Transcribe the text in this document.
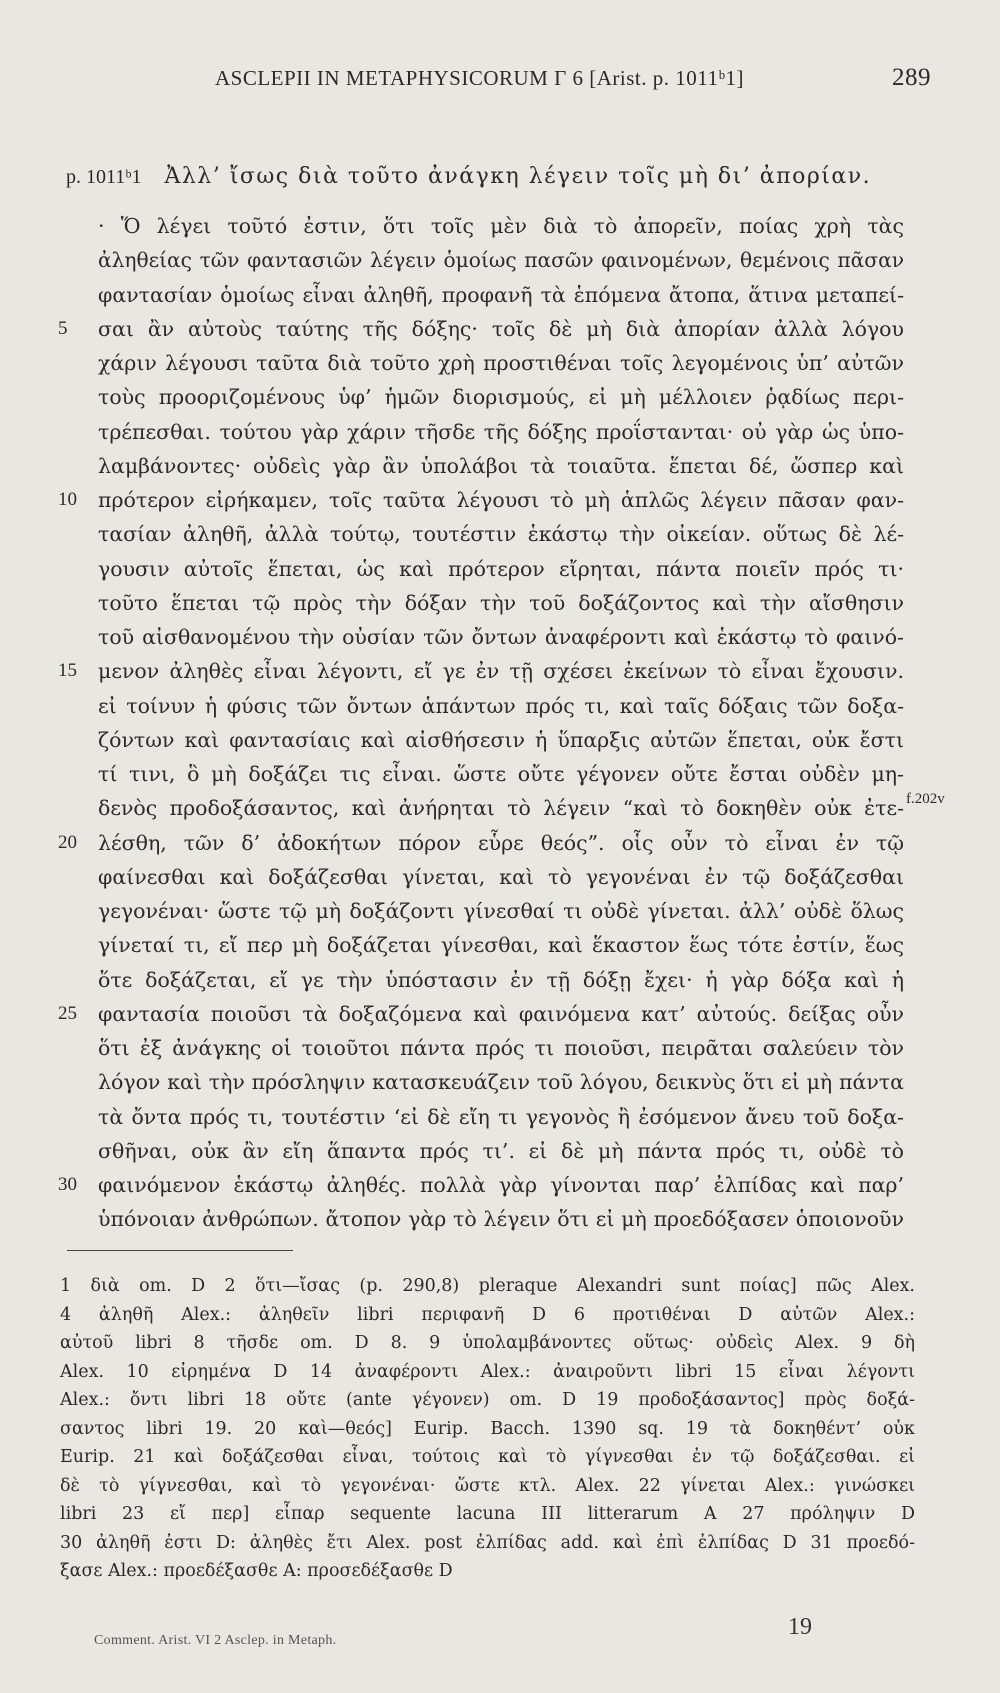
ASCLEPII IN METAPHYSICORUM Γ 6 [Arist. p. 1011ᵇ1]	289
p. 1011ᵇ1 Ἀλλ’ ἴσως διὰ τοῦτο ἀνάγκη λέγειν τοῖς μὴ δι’ ἀπορίαν.
· Ὅ λέγει τοῦτό ἐστιν, ὅτι τοῖς μὲν διὰ τὸ ἀπορεῖν, ποίας χρὴ τὰς
ἀληθείας τῶν φαντασιῶν λέγειν ὁμοίως πασῶν φαινομένων, θεμένοις πᾶσαν
φαντασίαν ὁμοίως εἶναι ἀληθῆ, προφανῆ τὰ ἑπόμενα ἄτοπα, ἅτινα μεταπεί-
5	σαι ἂν αὐτοὺς ταύτης τῆς δόξης· τοῖς δὲ μὴ διὰ ἀπορίαν ἀλλὰ λόγου
χάριν λέγουσι ταῦτα διὰ τοῦτο χρὴ προστιθέναι τοῖς λεγομένοις ὑπ’ αὐτῶν
τοὺς προοριζομένους ὑφ’ ἡμῶν διορισμούς, εἰ μὴ μέλλοιεν ῥᾳδίως περι-
τρέπεσθαι. τούτου γὰρ χάριν τῆσδε τῆς δόξης προΐστανται· οὐ γὰρ ὡς ὑπο-
λαμβάνοντες· οὐδεὶς γὰρ ἂν ὑπολάβοι τὰ τοιαῦτα. ἕπεται δέ, ὥσπερ καὶ
10	πρότερον εἰρήκαμεν, τοῖς ταῦτα λέγουσι τὸ μὴ ἁπλῶς λέγειν πᾶσαν φαν-
τασίαν ἀληθῆ, ἀλλὰ τούτῳ, τουτέστιν ἑκάστῳ τὴν οἰκείαν. οὕτως δὲ λέ-
γουσιν αὐτοῖς ἕπεται, ὡς καὶ πρότερον εἴρηται, πάντα ποιεῖν πρός τι·
τοῦτο ἕπεται τῷ πρὸς τὴν δόξαν τὴν τοῦ δοξάζοντος καὶ τὴν αἴσθησιν
τοῦ αἰσθανομένου τὴν οὐσίαν τῶν ὄντων ἀναφέροντι καὶ ἑκάστῳ τὸ φαινό-
15	μενον ἀληθὲς εἶναι λέγοντι, εἴ γε ἐν τῇ σχέσει ἐκείνων τὸ εἶναι ἔχουσιν.
εἰ τοίνυν ἡ φύσις τῶν ὄντων ἁπάντων πρός τι, καὶ ταῖς δόξαις τῶν δοξα-
ζόντων καὶ φαντασίαις καὶ αἰσθήσεσιν ἡ ὕπαρξις αὐτῶν ἕπεται, οὐκ ἔστι
τί τινι, ὃ μὴ δοξάζει τις εἶναι. ὥστε οὔτε γέγονεν οὔτε ἔσται οὐδὲν μη-
δενὸς προδοξάσαντος, καὶ ἀνήρηται τὸ λέγειν “καὶ τὸ δοκηθὲν οὐκ ἐτε-
20	λέσθη, τῶν δ’ ἀδοκήτων πόρον εὗρε θεός”. οἷς οὖν τὸ εἶναι ἐν τῷ
φαίνεσθαι καὶ δοξάζεσθαι γίνεται, καὶ τὸ γεγονέναι ἐν τῷ δοξάζεσθαι
γεγονέναι· ὥστε τῷ μὴ δοξάζοντι γίνεσθαί τι οὐδὲ γίνεται. ἀλλ’ οὐδὲ ὅλως
γίνεταί τι, εἴ περ μὴ δοξάζεται γίνεσθαι, καὶ ἕκαστον ἕως τότε ἐστίν, ἕως
ὅτε δοξάζεται, εἴ γε τὴν ὑπόστασιν ἐν τῇ δόξῃ ἔχει· ἡ γὰρ δόξα καὶ ἡ
25	φαντασία ποιοῦσι τὰ δοξαζόμενα καὶ φαινόμενα κατ’ αὐτούς. δείξας οὖν
ὅτι ἐξ ἀνάγκης οἱ τοιοῦτοι πάντα πρός τι ποιοῦσι, πειρᾶται σαλεύειν τὸν
λόγον καὶ τὴν πρόσληψιν κατασκευάζειν τοῦ λόγου, δεικνὺς ὅτι εἰ μὴ πάντα
τὰ ὄντα πρός τι, τουτέστιν ‘εἰ δὲ εἴη τι γεγονὸς ἢ ἐσόμενον ἄνευ τοῦ δοξα-
σθῆναι, οὐκ ἂν εἴη ἅπαντα πρός τι’. εἰ δὲ μὴ πάντα πρός τι, οὐδὲ τὸ
30	φαινόμενον ἑκάστῳ ἀληθές. πολλὰ γὰρ γίνονται παρ’ ἐλπίδας καὶ παρ’
ὑπόνοιαν ἀνθρώπων. ἄτοπον γὰρ τὸ λέγειν ὅτι εἰ μὴ προεδόξασεν ὁποιονοῦν
f.202v
1 διὰ om. D 2 ὅτι—ἴσας (p. 290,8) pleraque Alexandri sunt ποίας] πῶς Alex.
4 ἀληθῆ Alex.: ἀληθεῖν libri περιφανῆ D 6 προτιθέναι D αὐτῶν Alex.:
αὐτοῦ libri 8 τῆσδε om. D 8. 9 ὑπολαμβάνοντες οὕτως· οὐδεὶς Alex. 9 δὴ
Alex. 10 εἰρημένα D 14 ἀναφέροντι Alex.: ἀναιροῦντι libri 15 εἶναι λέγοντι
Alex.: ὄντι libri 18 οὔτε (ante γέγονεν) om. D 19 προδοξάσαντος] πρὸς δοξά-
σαντος libri 19. 20 καὶ—θεός] Eurip. Bacch. 1390 sq. 19 τὰ δοκηθέντ’ οὐκ
Eurip. 21 καὶ δοξάζεσθαι εἶναι, τούτοις καὶ τὸ γίγνεσθαι ἐν τῷ δοξάζεσθαι. εἰ
δὲ τὸ γίγνεσθαι, καὶ τὸ γεγονέναι· ὥστε κτλ. Alex. 22 γίνεται Alex.: γινώσκει
libri 23 εἴ περ] εἶπαρ sequente lacuna III litterarum A 27 πρόληψιν D
30 ἀληθῆ ἐστι D: ἀληθὲς ἔτι Alex. post ἐλπίδας add. καὶ ἐπὶ ἐλπίδας D 31 προεδό-
ξασε Alex.: προεδέξασθε A: προσεδέξασθε D
Comment. Arist. VI 2 Asclep. in Metaph.
19
